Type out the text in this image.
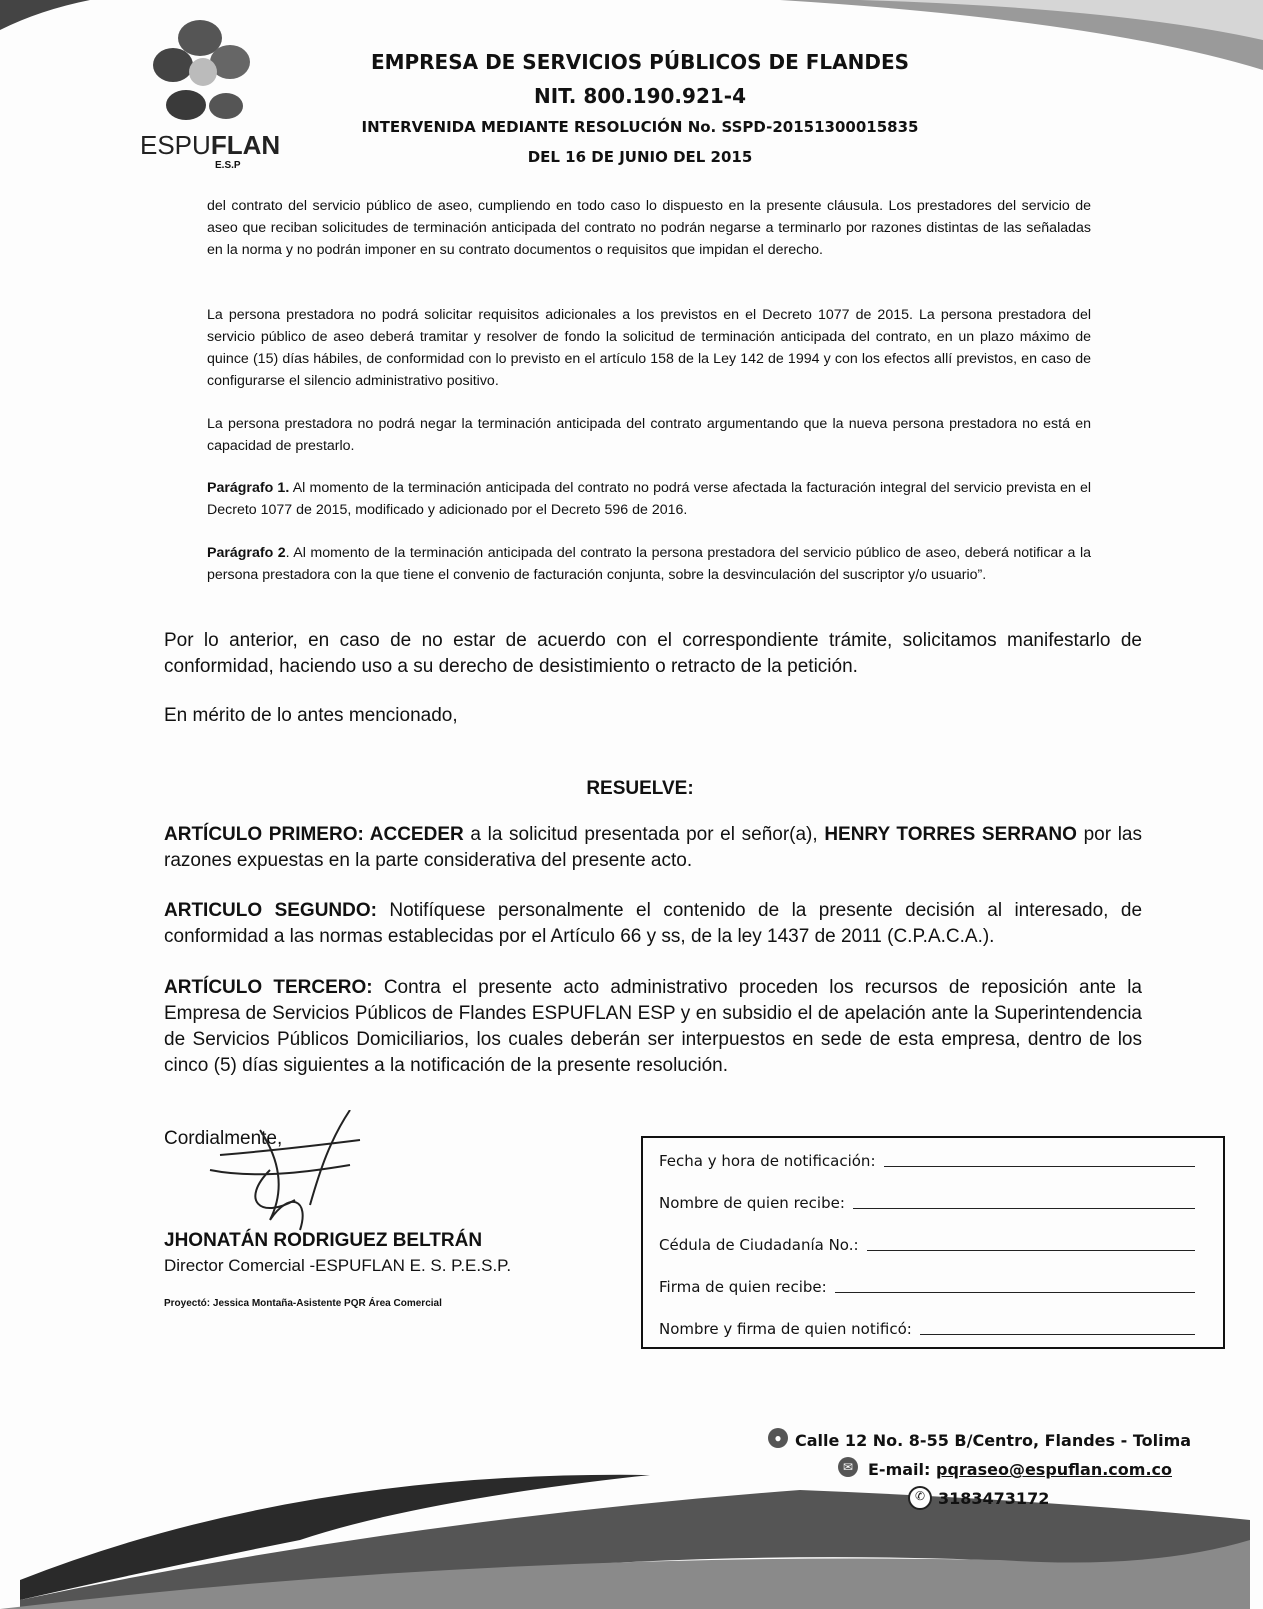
ESPUFLAN
E.S.P
EMPRESA DE SERVICIOS PÚBLICOS DE FLANDES
NIT. 800.190.921-4
INTERVENIDA MEDIANTE RESOLUCIÓN No. SSPD-20151300015835
DEL 16 DE JUNIO DEL 2015
del contrato del servicio público de aseo, cumpliendo en todo caso lo dispuesto en la presente cláusula. Los prestadores del servicio de aseo que reciban solicitudes de terminación anticipada del contrato no podrán negarse a terminarlo por razones distintas de las señaladas en la norma y no podrán imponer en su contrato documentos o requisitos que impidan el derecho.
La persona prestadora no podrá solicitar requisitos adicionales a los previstos en el Decreto 1077 de 2015. La persona prestadora del servicio público de aseo deberá tramitar y resolver de fondo la solicitud de terminación anticipada del contrato, en un plazo máximo de quince (15) días hábiles, de conformidad con lo previsto en el artículo 158 de la Ley 142 de 1994 y con los efectos allí previstos, en caso de configurarse el silencio administrativo positivo.
La persona prestadora no podrá negar la terminación anticipada del contrato argumentando que la nueva persona prestadora no está en capacidad de prestarlo.
Parágrafo 1. Al momento de la terminación anticipada del contrato no podrá verse afectada la facturación integral del servicio prevista en el Decreto 1077 de 2015, modificado y adicionado por el Decreto 596 de 2016.
Parágrafo 2. Al momento de la terminación anticipada del contrato la persona prestadora del servicio público de aseo, deberá notificar a la persona prestadora con la que tiene el convenio de facturación conjunta, sobre la desvinculación del suscriptor y/o usuario”.
Por lo anterior, en caso de no estar de acuerdo con el correspondiente trámite, solicitamos manifestarlo de conformidad, haciendo uso a su derecho de desistimiento o retracto de la petición.
En mérito de lo antes mencionado,
RESUELVE:
ARTÍCULO PRIMERO: ACCEDER a la solicitud presentada por el señor(a), HENRY TORRES SERRANO por las razones expuestas en la parte considerativa del presente acto.
ARTICULO SEGUNDO: Notifíquese personalmente el contenido de la presente decisión al interesado, de conformidad a las normas establecidas por el Artículo 66 y ss, de la ley 1437 de 2011 (C.P.A.C.A.).
ARTÍCULO TERCERO: Contra el presente acto administrativo proceden los recursos de reposición ante la Empresa de Servicios Públicos de Flandes ESPUFLAN ESP y en subsidio el de apelación ante la Superintendencia de Servicios Públicos Domiciliarios, los cuales deberán ser interpuestos en sede de esta empresa, dentro de los cinco (5) días siguientes a la notificación de la presente resolución.
Cordialmente,
JHONATÁN RODRIGUEZ BELTRÁN
Director Comercial -ESPUFLAN E. S. P.E.S.P.
Proyectó: Jessica Montaña-Asistente PQR Área Comercial
Fecha y hora de notificación:
Nombre de quien recibe:
Cédula de Ciudadanía No.:
Firma de quien recibe:
Nombre y firma de quien notificó:
● Calle 12 No. 8-55 B/Centro, Flandes - Tolima
✉ E-mail: pqraseo@espuflan.com.co
✆ 3183473172
